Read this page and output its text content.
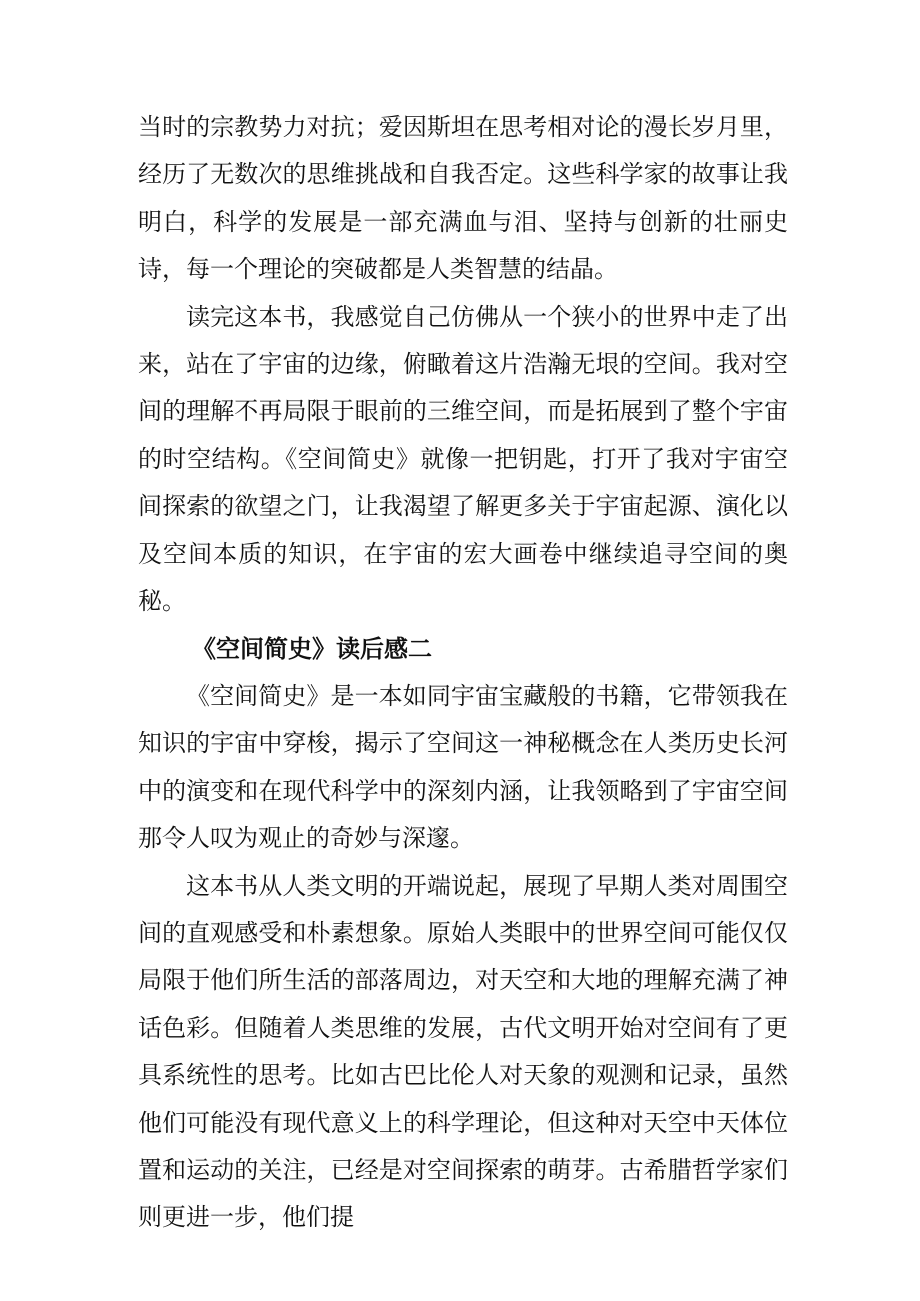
当时的宗教势力对抗；爱因斯坦在思考相对论的漫长岁月里，经历了无数次的思维挑战和自我否定。这些科学家的故事让我明白，科学的发展是一部充满血与泪、坚持与创新的壮丽史诗，每一个理论的突破都是人类智慧的结晶。

读完这本书，我感觉自己仿佛从一个狭小的世界中走了出来，站在了宇宙的边缘，俯瞰着这片浩瀚无垠的空间。我对空间的理解不再局限于眼前的三维空间，而是拓展到了整个宇宙的时空结构。《空间简史》就像一把钥匙，打开了我对宇宙空间探索的欲望之门，让我渴望了解更多关于宇宙起源、演化以及空间本质的知识，在宇宙的宏大画卷中继续追寻空间的奥秘。

《空间简史》读后感二

《空间简史》是一本如同宇宙宝藏般的书籍，它带领我在知识的宇宙中穿梭，揭示了空间这一神秘概念在人类历史长河中的演变和在现代科学中的深刻内涵，让我领略到了宇宙空间那令人叹为观止的奇妙与深邃。

这本书从人类文明的开端说起，展现了早期人类对周围空间的直观感受和朴素想象。原始人类眼中的世界空间可能仅仅局限于他们所生活的部落周边，对天空和大地的理解充满了神话色彩。但随着人类思维的发展，古代文明开始对空间有了更具系统性的思考。比如古巴比伦人对天象的观测和记录，虽然他们可能没有现代意义上的科学理论，但这种对天空中天体位置和运动的关注，已经是对空间探索的萌芽。古希腊哲学家们则更进一步，他们提
